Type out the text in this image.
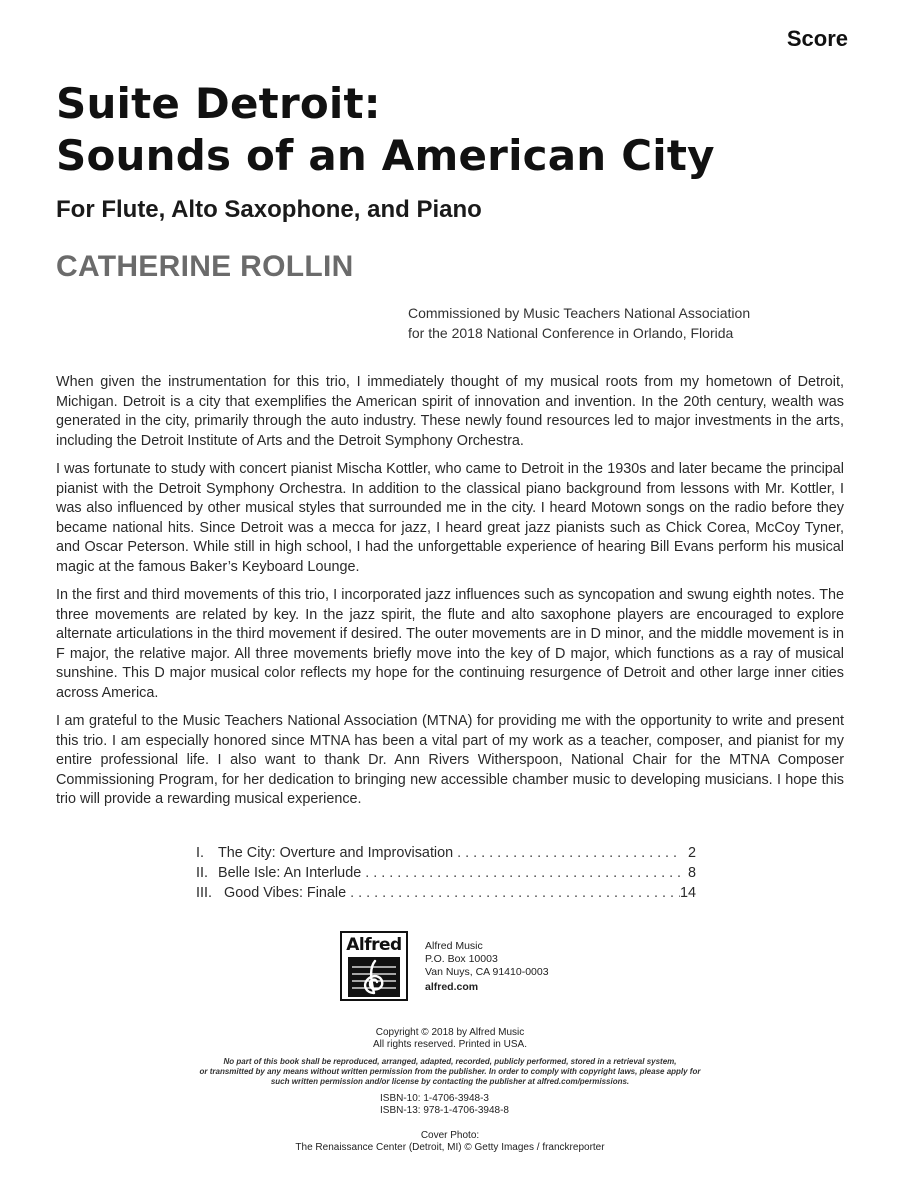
Score
Suite Detroit:
Sounds of an American City
For Flute, Alto Saxophone, and Piano
CATHERINE ROLLIN
Commissioned by Music Teachers National Association
for the 2018 National Conference in Orlando, Florida

When given the instrumentation for this trio, I immediately thought of my musical roots from my hometown of Detroit, Michigan. Detroit is a city that exemplifies the American spirit of innovation and invention. In the 20th century, wealth was generated in the city, primarily through the auto industry. These newly found resources led to major investments in the arts, including the Detroit Institute of Arts and the Detroit Symphony Orchestra.

I was fortunate to study with concert pianist Mischa Kottler, who came to Detroit in the 1930s and later became the principal pianist with the Detroit Symphony Orchestra. In addition to the classical piano background from lessons with Mr. Kottler, I was also influenced by other musical styles that surrounded me in the city. I heard Motown songs on the radio before they became national hits. Since Detroit was a mecca for jazz, I heard great jazz pianists such as Chick Corea, McCoy Tyner, and Oscar Peterson. While still in high school, I had the unforgettable experience of hearing Bill Evans perform his musical magic at the famous Baker’s Keyboard Lounge.

In the first and third movements of this trio, I incorporated jazz influences such as syncopation and swung eighth notes. The three movements are related by key. In the jazz spirit, the flute and alto saxophone players are encouraged to explore alternate articulations in the third movement if desired. The outer movements are in D minor, and the middle movement is in F major, the relative major. All three movements briefly move into the key of D major, which functions as a ray of musical sunshine. This D major musical color reflects my hope for the continuing resurgence of Detroit and other large inner cities across America.

I am grateful to the Music Teachers National Association (MTNA) for providing me with the opportunity to write and present this trio. I am especially honored since MTNA has been a vital part of my work as a teacher, composer, and pianist for my entire professional life. I also want to thank Dr. Ann Rivers Witherspoon, National Chair for the MTNA Composer Commissioning Program, for her dedication to bringing new accessible chamber music to developing musicians. I hope this trio will provide a rewarding musical experience.

I. The City: Overture and Improvisation . . .	2
II. Belle Isle: An Interlude . . .	8
III. Good Vibes: Finale . . .	14
Alfred	Alfred Music
P.O. Box 10003
Van Nuys, CA 91410-0003
alfred.com
Copyright © 2018 by Alfred Music
All rights reserved. Printed in USA.
No part of this book shall be reproduced, arranged, adapted, recorded, publicly performed, stored in a retrieval system,
or transmitted by any means without written permission from the publisher. In order to comply with copyright laws, please apply for
such written permission and/or license by contacting the publisher at alfred.com/permissions.
ISBN-10: 1-4706-3948-3
ISBN-13: 978-1-4706-3948-8
Cover Photo:
The Renaissance Center (Detroit, MI) © Getty Images / franckreporter
